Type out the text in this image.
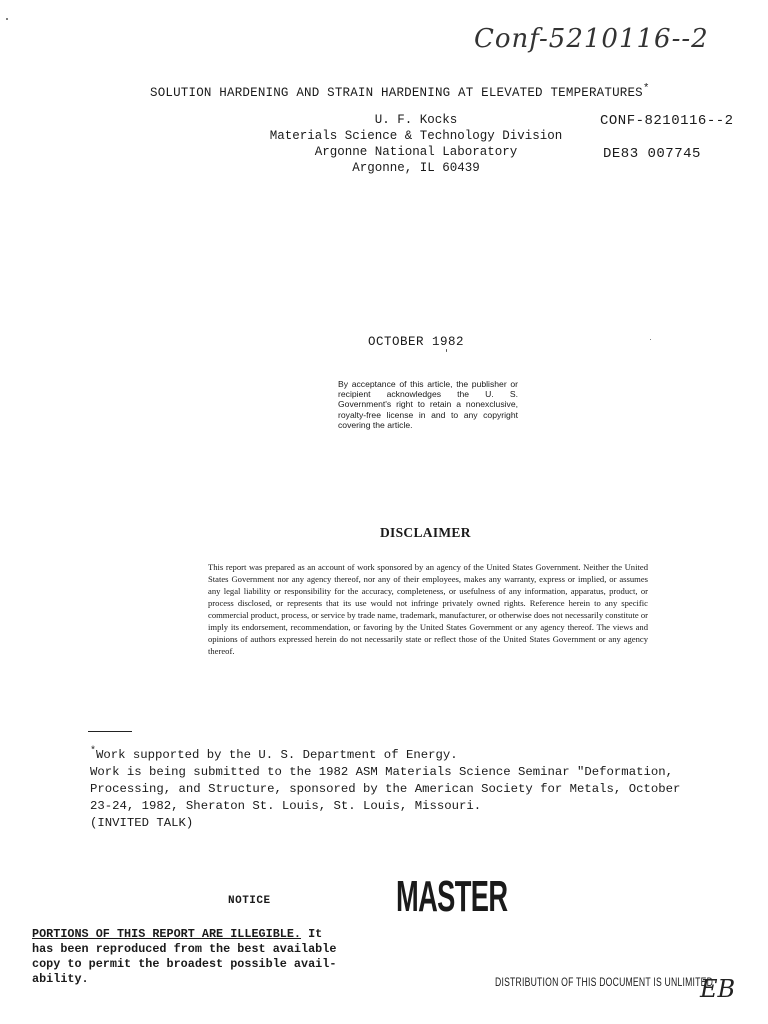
Conf-5210116--2
SOLUTION HARDENING AND STRAIN HARDENING AT ELEVATED TEMPERATURES*
U. F. Kocks
Materials Science & Technology Division
Argonne National Laboratory
Argonne, IL 60439
CONF-8210116--2
DE83 007745
OCTOBER 1982
By acceptance of this article, the publisher or recipient acknowledges the U. S. Government's right to retain a nonexclusive, royalty-free license in and to any copyright covering the article.
DISCLAIMER
This report was prepared as an account of work sponsored by an agency of the United States Government. Neither the United States Government nor any agency thereof, nor any of their employees, makes any warranty, express or implied, or assumes any legal liability or responsibility for the accuracy, completeness, or usefulness of any information, apparatus, product, or process disclosed, or represents that its use would not infringe privately owned rights. Reference herein to any specific commercial product, process, or service by trade name, trademark, manufacturer, or otherwise does not necessarily constitute or imply its endorsement, recommendation, or favoring by the United States Government or any agency thereof. The views and opinions of authors expressed herein do not necessarily state or reflect those of the United States Government or any agency thereof.
*Work supported by the U. S. Department of Energy.
Work is being submitted to the 1982 ASM Materials Science Seminar "Deformation,
Processing, and Structure, sponsored by the American Society for Metals, October
23-24, 1982, Sheraton St. Louis, St. Louis, Missouri.
(INVITED TALK)
NOTICE	MASTER
PORTIONS OF THIS REPORT ARE ILLEGIBLE. It
has been reproduced from the best available
copy to permit the broadest possible avail-
ability.	DISTRIBUTION OF THIS DOCUMENT IS UNLIMITED
EB
